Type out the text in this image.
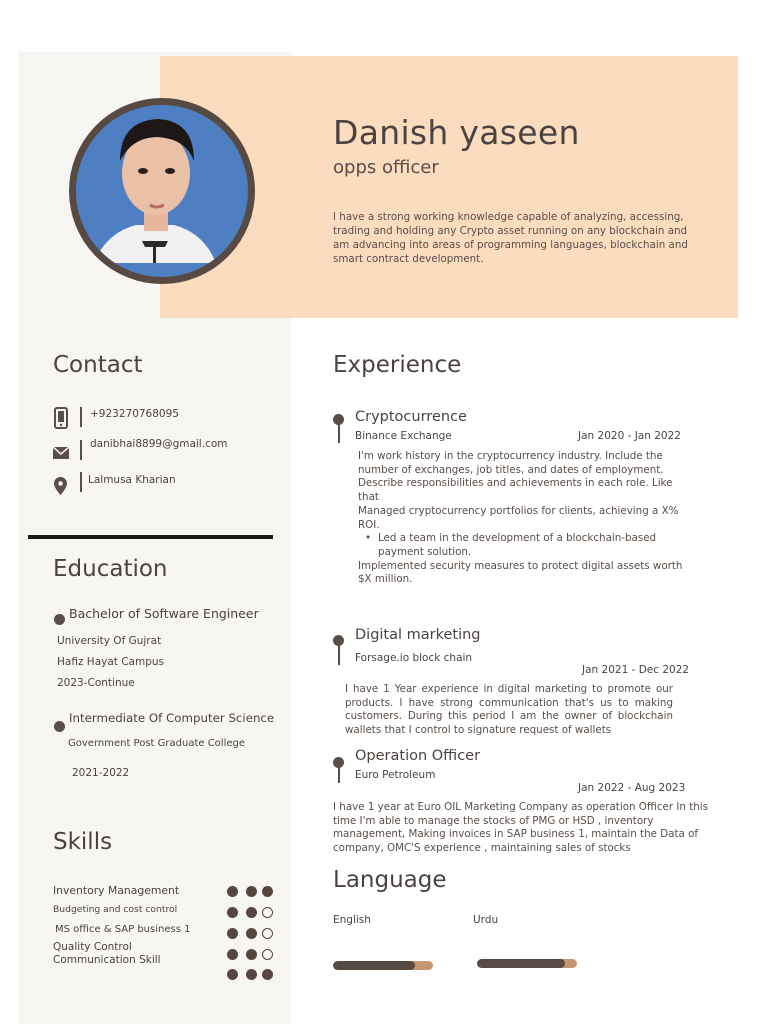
Danish yaseen
opps officer
I have a strong working knowledge capable of analyzing, accessing, trading and holding any Crypto asset running on any blockchain and am advancing into areas of programming languages, blockchain and smart contract development.
Contact
+923270768095
danibhai8899@gmail.com
Lalmusa Kharian
Education
Bachelor of Software Engineer
University Of Gujrat
Hafiz Hayat Campus
2023-Continue
Intermediate Of Computer Science
Government Post Graduate College
2021-2022
Skills
Inventory Management
Budgeting and cost control
MS office & SAP business 1
Quality Control
Communication Skill
Experience
Cryptocurrence
Binance Exchange	Jan 2020 - Jan 2022
I'm work history in the cryptocurrency industry. Include the number of exchanges, job titles, and dates of employment. Describe responsibilities and achievements in each role. Like that
Managed cryptocurrency portfolios for clients, achieving a X% ROI.
• Led a team in the development of a blockchain-based payment solution.
Implemented security measures to protect digital assets worth $X million.
Digital marketing
Forsage.io block chain
Jan 2021 - Dec 2022
I have 1 Year experience in digital marketing to promote our products. I have strong communication that's us to making customers. During this period I am the owner of blockchain wallets that I control to signature request of wallets
Operation Officer
Euro Petroleum
Jan 2022 - Aug 2023
I have 1 year at Euro OIL Marketing Company as operation Officer In this time I'm able to manage the stocks of PMG or HSD , inventory management, Making invoices in SAP business 1, maintain the Data of company, OMC'S experience , maintaining sales of stocks
Language
English	Urdu
